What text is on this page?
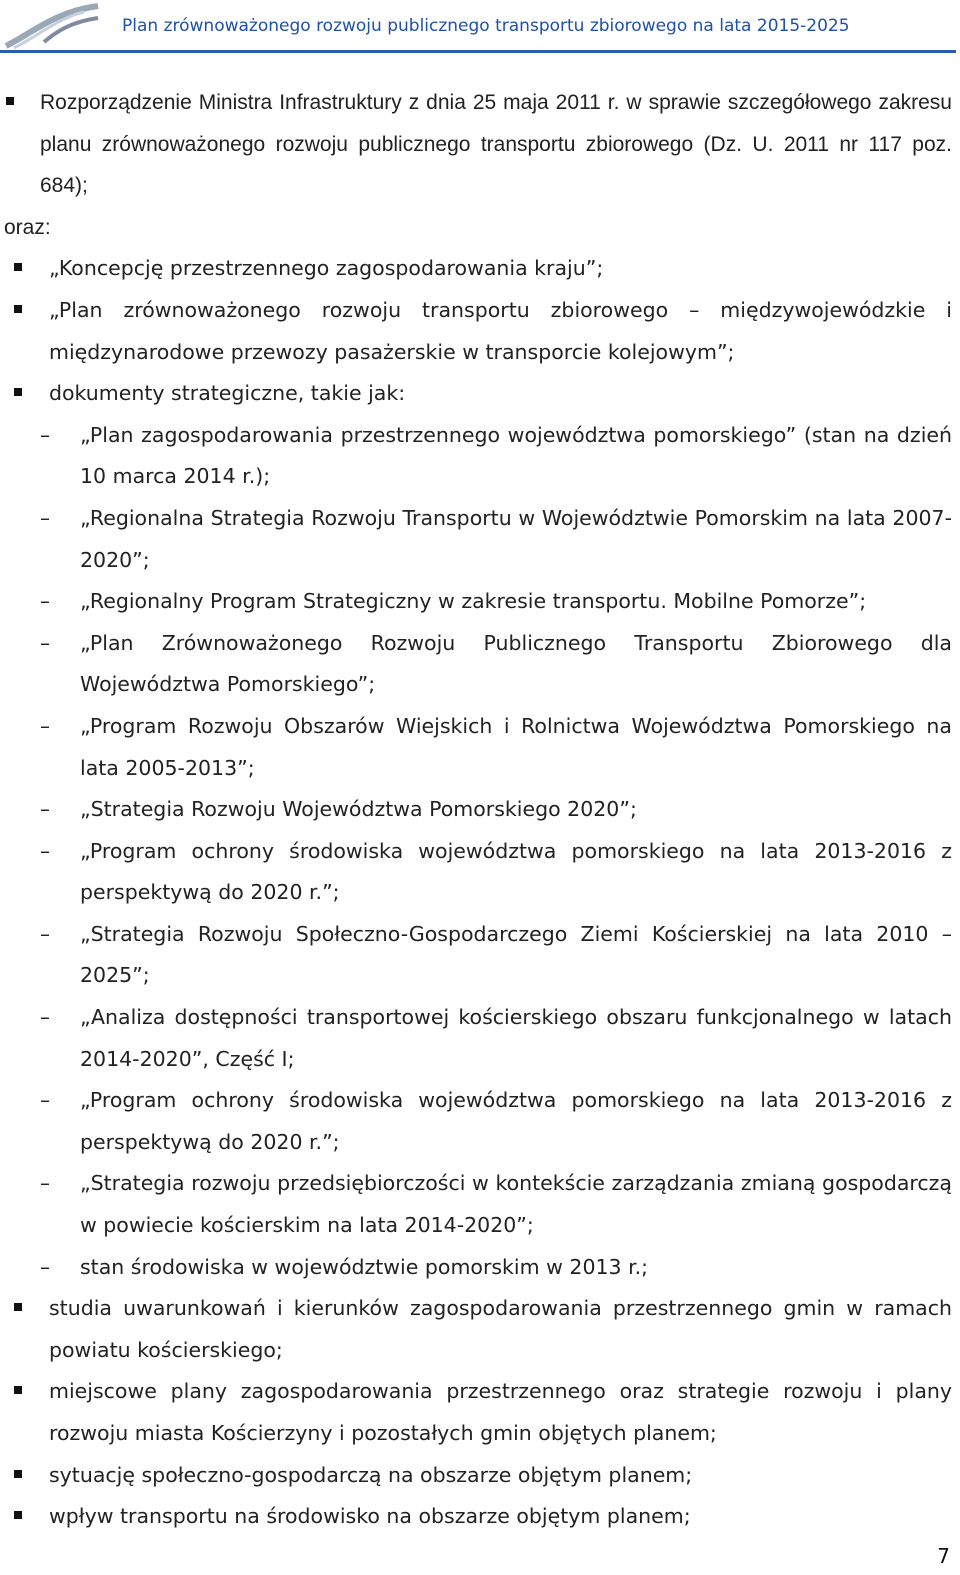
Plan zrównoważonego rozwoju publicznego transportu zbiorowego na lata 2015-2025
Rozporządzenie Ministra Infrastruktury z dnia 25 maja 2011 r. w sprawie szczegółowego zakresu planu zrównoważonego rozwoju publicznego transportu zbiorowego (Dz. U. 2011 nr 117 poz. 684);
oraz:
„Koncepcję przestrzennego zagospodarowania kraju”;
„Plan zrównoważonego rozwoju transportu zbiorowego – międzywojewódzkie i międzynarodowe przewozy pasażerskie w transporcie kolejowym”;
dokumenty strategiczne, takie jak:
– „Plan zagospodarowania przestrzennego województwa pomorskiego” (stan na dzień 10 marca 2014 r.);
– „Regionalna Strategia Rozwoju Transportu w Województwie Pomorskim na lata 2007-2020”;
– „Regionalny Program Strategiczny w zakresie transportu. Mobilne Pomorze”;
– „Plan Zrównoważonego Rozwoju Publicznego Transportu Zbiorowego dla Województwa Pomorskiego”;
– „Program Rozwoju Obszarów Wiejskich i Rolnictwa Województwa Pomorskiego na lata 2005-2013”;
– „Strategia Rozwoju Województwa Pomorskiego 2020”;
– „Program ochrony środowiska województwa pomorskiego na lata 2013-2016 z perspektywą do 2020 r.”;
– „Strategia Rozwoju Społeczno-Gospodarczego Ziemi Kościerskiej na lata 2010 – 2025”;
– „Analiza dostępności transportowej kościerskiego obszaru funkcjonalnego w latach 2014-2020”, Część I;
– „Program ochrony środowiska województwa pomorskiego na lata 2013-2016 z perspektywą do 2020 r.”;
– „Strategia rozwoju przedsiębiorczości w kontekście zarządzania zmianą gospodarczą w powiecie kościerskim na lata 2014-2020”;
– stan środowiska w województwie pomorskim w 2013 r.;
studia uwarunkowań i kierunków zagospodarowania przestrzennego gmin w ramach powiatu kościerskiego;
miejscowe plany zagospodarowania przestrzennego oraz strategie rozwoju i plany rozwoju miasta Kościerzyny i pozostałych gmin objętych planem;
sytuację społeczno-gospodarczą na obszarze objętym planem;
wpływ transportu na środowisko na obszarze objętym planem;
7
